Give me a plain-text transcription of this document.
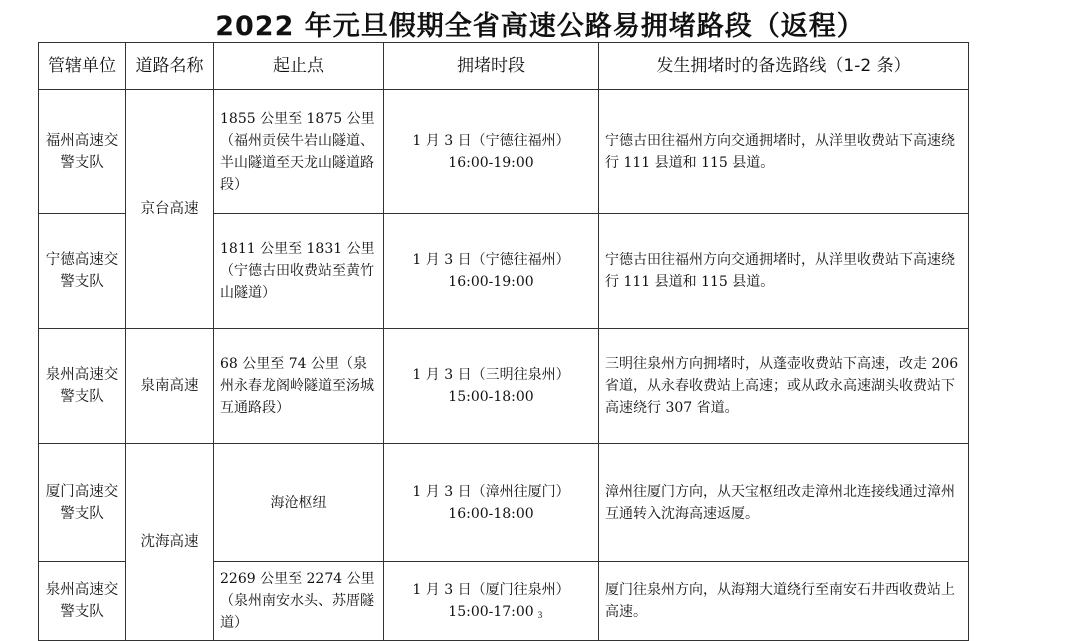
2022 年元旦假期全省高速公路易拥堵路段（返程）
管辖单位	道路名称	起止点	拥堵时段	发生拥堵时的备选路线（1-2 条）
福州高速交警支队	京台高速	1855 公里至 1875 公里（福州贡侯牛岩山隧道、半山隧道至天龙山隧道路段）	1 月 3 日（宁德往福州）16:00-19:00	宁德古田往福州方向交通拥堵时，从洋里收费站下高速绕行 111 县道和 115 县道。
宁德高速交警支队		1811 公里至 1831 公里（宁德古田收费站至黄竹山隧道）	1 月 3 日（宁德往福州）16:00-19:00	宁德古田往福州方向交通拥堵时，从洋里收费站下高速绕行 111 县道和 115 县道。
泉州高速交警支队	泉南高速	68 公里至 74 公里（泉州永春龙阁岭隧道至汤城互通路段）	1 月 3 日（三明往泉州）15:00-18:00	三明往泉州方向拥堵时，从蓬壶收费站下高速，改走 206 省道，从永春收费站上高速；或从政永高速湖头收费站下高速绕行 307 省道。
厦门高速交警支队	沈海高速	海沧枢纽	1 月 3 日（漳州往厦门）16:00-18:00	漳州往厦门方向，从天宝枢纽改走漳州北连接线通过漳州互通转入沈海高速返厦。
泉州高速交警支队		2269 公里至 2274 公里（泉州南安水头、苏厝隧道）	1 月 3 日（厦门往泉州）15:00-17:00	厦门往泉州方向，从海翔大道绕行至南安石井西收费站上高速。
3
